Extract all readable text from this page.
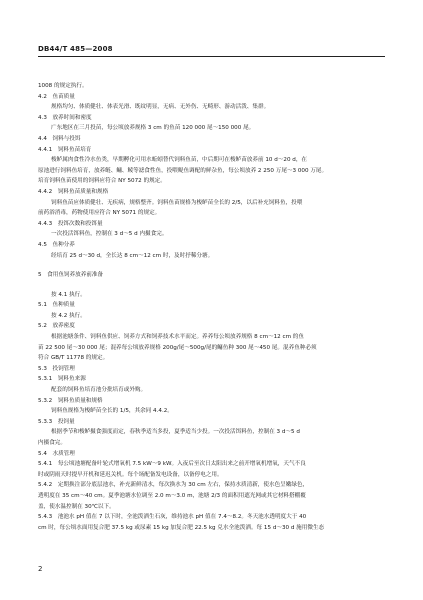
DB44/T 485—2008
1008 的规定执行。
4.2　鱼苗质量
规格均匀、体质健壮、体表光滑、既纹明显，无病、无外伤、无畸形、游动活泼、集群。
4.3　放养时间和密度
广东地区在三月投苗，每公顷放养规格 3 cm 的鱼苗 120 000 尾～150 000 尾。
4.4　饲料与投饵
4.4.1　饲料鱼苗培育
梭鲈属肉食性冷水鱼类，早期孵化可用水蚯蚓替代饲料鱼苗，中后期可在梭鲈苗放养前 10 d～20 d，在
原池进行饲料鱼培育，放养鲢、鳙、鲮等滤食性鱼，投喂鳀鱼调配的鲜杂鱼，每公顷放养 2 250 万尾～3 000 万尾。
培育饲料鱼苗使用的饲料应符合 NY 5072 的规定。
4.4.2　饲料鱼苗质量和规格
饲料鱼苗应体质健壮、无疾病，规格整齐。饲料鱼苗规格为梭鲈苗全长的 2/5，以后补充饲料鱼，投喂
前药浴消毒，药物使用应符合 NY 5071 的规定。
4.4.3　投饵次数和投饵量
一次投活饵料鱼，控制在 3 d～5 d 内摄食完。
4.5　鱼种分养
经培育 25 d～30 d，全长达 8 cm～12 cm 时，及时抒稀分塘。
5　食用鱼饲养放养前准备
按 4.1 执行。
5.1　鱼种质量
按 4.2 执行。
5.2　放养密度
根据池塘条件、饲料鱼供应、饲养方式和饲养技术水平而定。养养每公顷放养规格 8 cm～12 cm 的鱼
苗 22 500 尾～30 000 尾；混养每公顷放养规格 200g/尾～500g/尾的鳙鱼种 300 尾～450 尾。混养鱼种必须
符合 GB/T 11778 的规定。
5.3　投饲管理
5.3.1　饲料鱼来源
配套的饲料鱼培育池分批培育或外购。
5.3.2　饲料鱼质量和规格
饲料鱼规格为梭鲈苗全长的 1/5，其余同 4.4.2。
5.3.3　投饲量
根据季节和梭鲈摄食强度而定，春秋季适当多投，夏季适当少投。一次投活饵料鱼，控制在 3 d～5 d
内摄食完。
5.4　水质管理
5.4.1　每公顷池塘配备叶轮式增氧机 7.5 kW～9 kW。入夜后至次日太阳出来之前开增氧机增氧，天气不良
时或阴雨天时提早开机和延迟关机。每个场配备发电设备，以备停电之用。
5.4.2　定期换注部分底层池水，补充新鲜清水，每次换水为 30 cm 左右，保持水质清新，使水色呈嫩绿色，
透明度在 35 cm～40 cm。夏季池塘水位调至 2.0 m～3.0 m，池塘 2/3 的面积用遮光网或其它材料搭棚覆
盖，使水温控制在 30℃以下。
5.4.3　池池水 pH 值在 7 以下时，全池泼洒生石灰，维持池水 pH 值在 7.4～8.2。冬天池水透明度大于 40
cm 时，每公顷水面用复合肥 37.5 kg 或尿素 15 kg 加复合肥 22.5 kg 兑水全池泼洒。每 15 d～30 d 施用微生态
2
